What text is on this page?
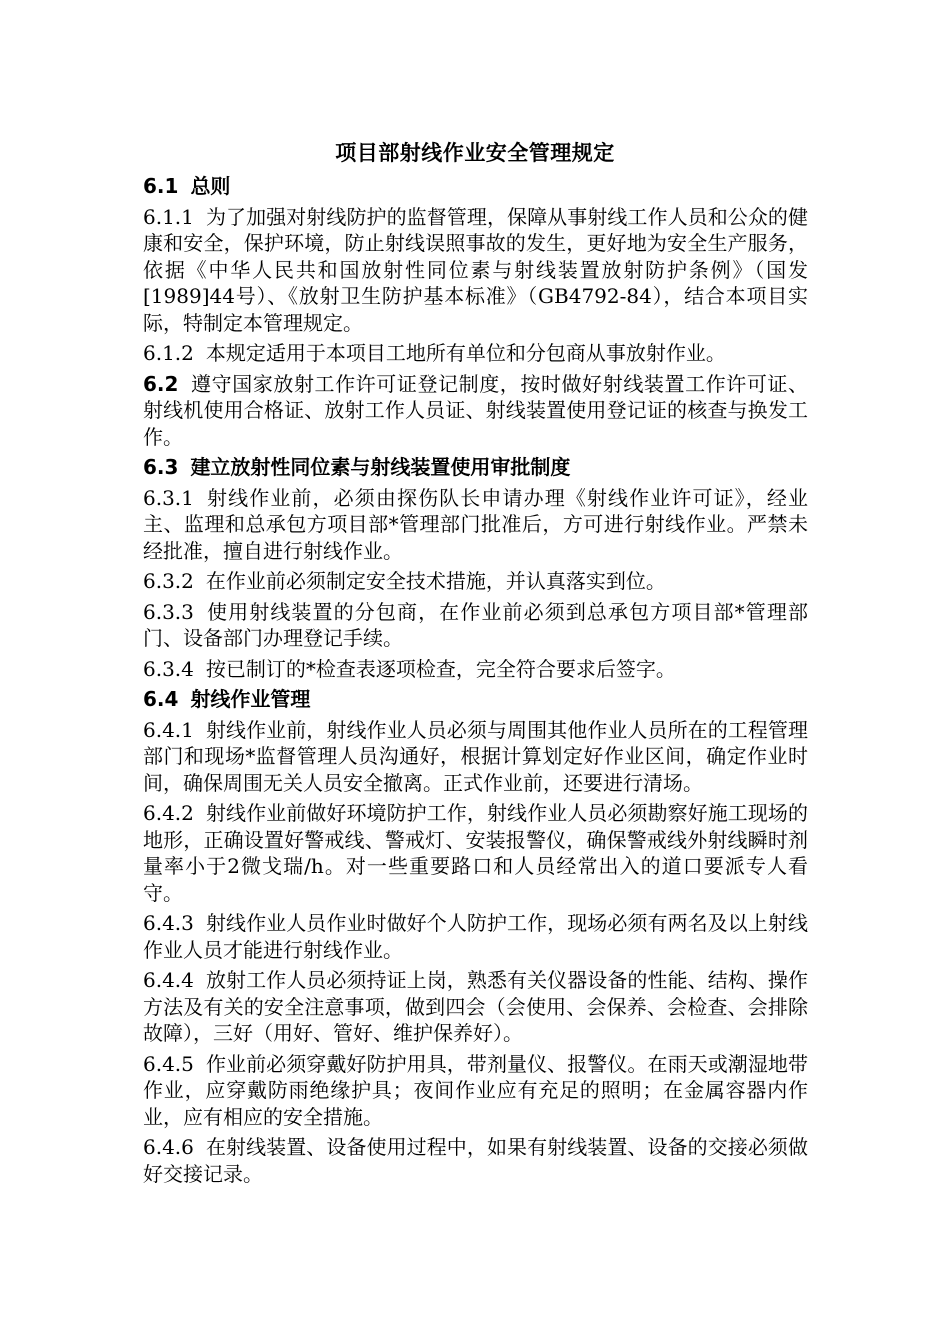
项目部射线作业安全管理规定
6.1 总则
6.1.1 为了加强对射线防护的监督管理，保障从事射线工作人员和公众的健康和安全，保护环境，防止射线误照事故的发生，更好地为安全生产服务，依据《中华人民共和国放射性同位素与射线装置放射防护条例》（国发[1989]44号）、《放射卫生防护基本标准》（GB4792-84），结合本项目实际，特制定本管理规定。
6.1.2 本规定适用于本项目工地所有单位和分包商从事放射作业。
6.2 遵守国家放射工作许可证登记制度，按时做好射线装置工作许可证、射线机使用合格证、放射工作人员证、射线装置使用登记证的核查与换发工作。
6.3 建立放射性同位素与射线装置使用审批制度
6.3.1 射线作业前，必须由探伤队长申请办理《射线作业许可证》，经业主、监理和总承包方项目部*管理部门批准后，方可进行射线作业。严禁未经批准，擅自进行射线作业。
6.3.2 在作业前必须制定安全技术措施，并认真落实到位。
6.3.3 使用射线装置的分包商，在作业前必须到总承包方项目部*管理部门、设备部门办理登记手续。
6.3.4 按已制订的*检查表逐项检查，完全符合要求后签字。
6.4 射线作业管理
6.4.1 射线作业前，射线作业人员必须与周围其他作业人员所在的工程管理部门和现场*监督管理人员沟通好，根据计算划定好作业区间，确定作业时间，确保周围无关人员安全撤离。正式作业前，还要进行清场。
6.4.2 射线作业前做好环境防护工作，射线作业人员必须勘察好施工现场的地形，正确设置好警戒线、警戒灯、安装报警仪，确保警戒线外射线瞬时剂量率小于2微戈瑞/h。对一些重要路口和人员经常出入的道口要派专人看守。
6.4.3 射线作业人员作业时做好个人防护工作，现场必须有两名及以上射线作业人员才能进行射线作业。
6.4.4 放射工作人员必须持证上岗，熟悉有关仪器设备的性能、结构、操作方法及有关的安全注意事项，做到四会（会使用、会保养、会检查、会排除故障），三好（用好、管好、维护保养好）。
6.4.5 作业前必须穿戴好防护用具，带剂量仪、报警仪。在雨天或潮湿地带作业，应穿戴防雨绝缘护具；夜间作业应有充足的照明；在金属容器内作业，应有相应的安全措施。
6.4.6 在射线装置、设备使用过程中，如果有射线装置、设备的交接必须做好交接记录。
